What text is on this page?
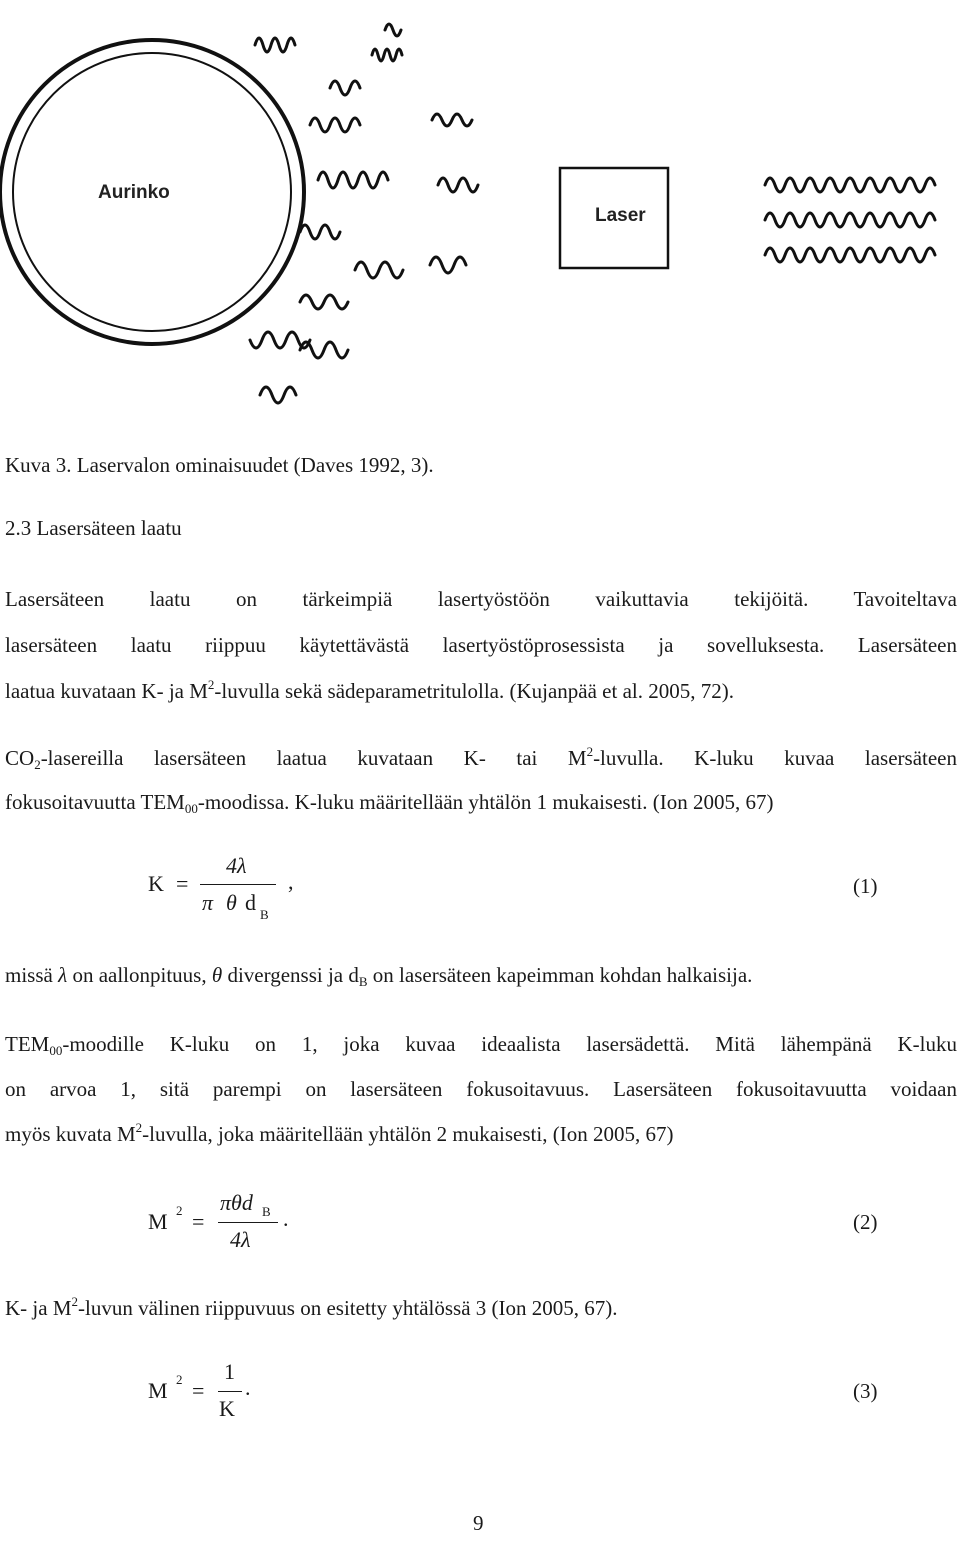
Aurinko
Laser
Kuva 3. Laservalon ominaisuudet (Daves 1992, 3).
2.3 Lasersäteen laatu
Lasersäteen laatu on tärkeimpiä lasertyöstöön vaikuttavia tekijöitä. Tavoiteltava
lasersäteen laatu riippuu käytettävästä lasertyöstöprosessista ja sovelluksesta. Lasersäteen
laatua kuvataan K- ja $M^2$-luvulla sekä sädeparametritulolla. (Kujanpää et al. 2005, 72).
$CO_2$-lasereilla lasersäteen laatua kuvataan K- tai $M^2$-luvulla. K-luku kuvaa lasersäteen
fokusoitavuutta $TEM_{00}$-moodissa. K-luku määritellään yhtälön 1 mukaisesti. (Ion 2005, 67)
K =
4λ
π θ d B
,	(1)
missä λ on aallonpituus, θ divergenssi ja $d_B$ on lasersäteen kapeimman kohdan halkaisija.
$TEM_{00}$-moodille K-luku on 1, joka kuvaa ideaalista lasersädettä. Mitä lähempänä K-luku
on arvoa 1, sitä parempi on lasersäteen fokusoitavuus. Lasersäteen fokusoitavuutta voidaan
myös kuvata $M^2$-luvulla, joka määritellään yhtälön 2 mukaisesti, (Ion 2005, 67)
M 2 =
πθd B
4λ
.	(2)
K- ja $M^2$-luvun välinen riippuvuus on esitetty yhtälössä 3 (Ion 2005, 67).
M 2 =
1
K
.	(3)
9
